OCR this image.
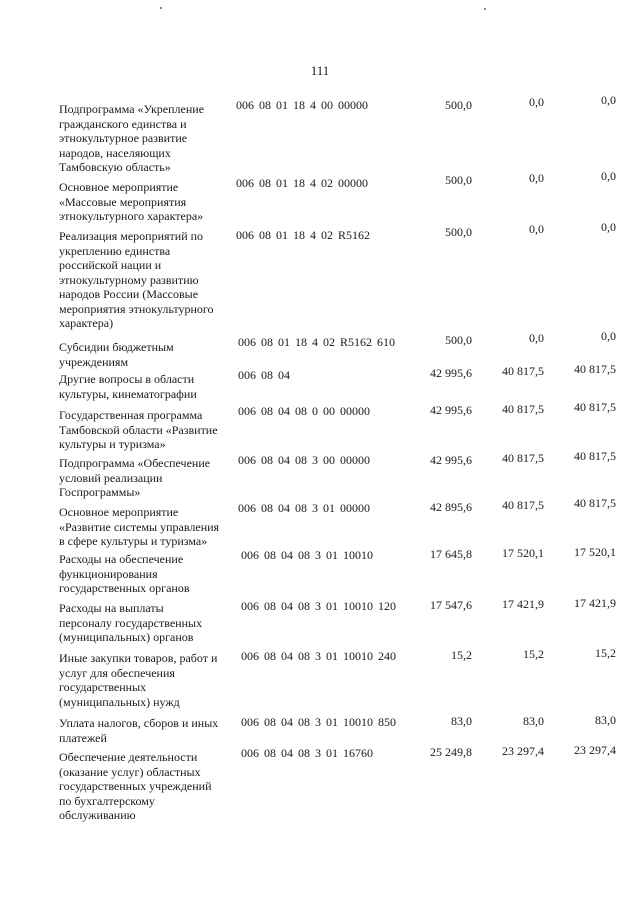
111
Подпрограмма «Укрепление
гражданского единства и
этнокультурное развитие
народов, населяющих
Тамбовскую область»
006 08 01 18 4 00 00000	500,0	0,0	0,0
Основное мероприятие
«Массовые мероприятия
этнокультурного характера»
006 08 01 18 4 02 00000	500,0	0,0	0,0
Реализация мероприятий по
укреплению единства
российской нации и
этнокультурному развитию
народов России (Массовые
мероприятия этнокультурного
характера)
006 08 01 18 4 02 R5162	500,0	0,0	0,0
Субсидии бюджетным
учреждениям
006 08 01 18 4 02 R5162 610	500,0	0,0	0,0
Другие вопросы в области
культуры, кинематографии
006 08 04	42 995,6	40 817,5	40 817,5
Государственная программа
Тамбовской области «Развитие
культуры и туризма»
006 08 04 08 0 00 00000	42 995,6	40 817,5	40 817,5
Подпрограмма «Обеспечение
условий реализации
Госпрограммы»
006 08 04 08 3 00 00000	42 995,6	40 817,5	40 817,5
Основное мероприятие
«Развитие системы управления
в сфере культуры и туризма»
006 08 04 08 3 01 00000	42 895,6	40 817,5	40 817,5
Расходы на обеспечение
функционирования
государственных органов
006 08 04 08 3 01 10010	17 645,8	17 520,1	17 520,1
Расходы на выплаты
персоналу государственных
(муниципальных) органов
006 08 04 08 3 01 10010 120	17 547,6	17 421,9	17 421,9
Иные закупки товаров, работ и
услуг для обеспечения
государственных
(муниципальных) нужд
006 08 04 08 3 01 10010 240	15,2	15,2	15,2
Уплата налогов, сборов и иных
платежей
006 08 04 08 3 01 10010 850	83,0	83,0	83,0
Обеспечение деятельности
(оказание услуг) областных
государственных учреждений
по бухгалтерскому
обслуживанию
006 08 04 08 3 01 16760	25 249,8	23 297,4	23 297,4
